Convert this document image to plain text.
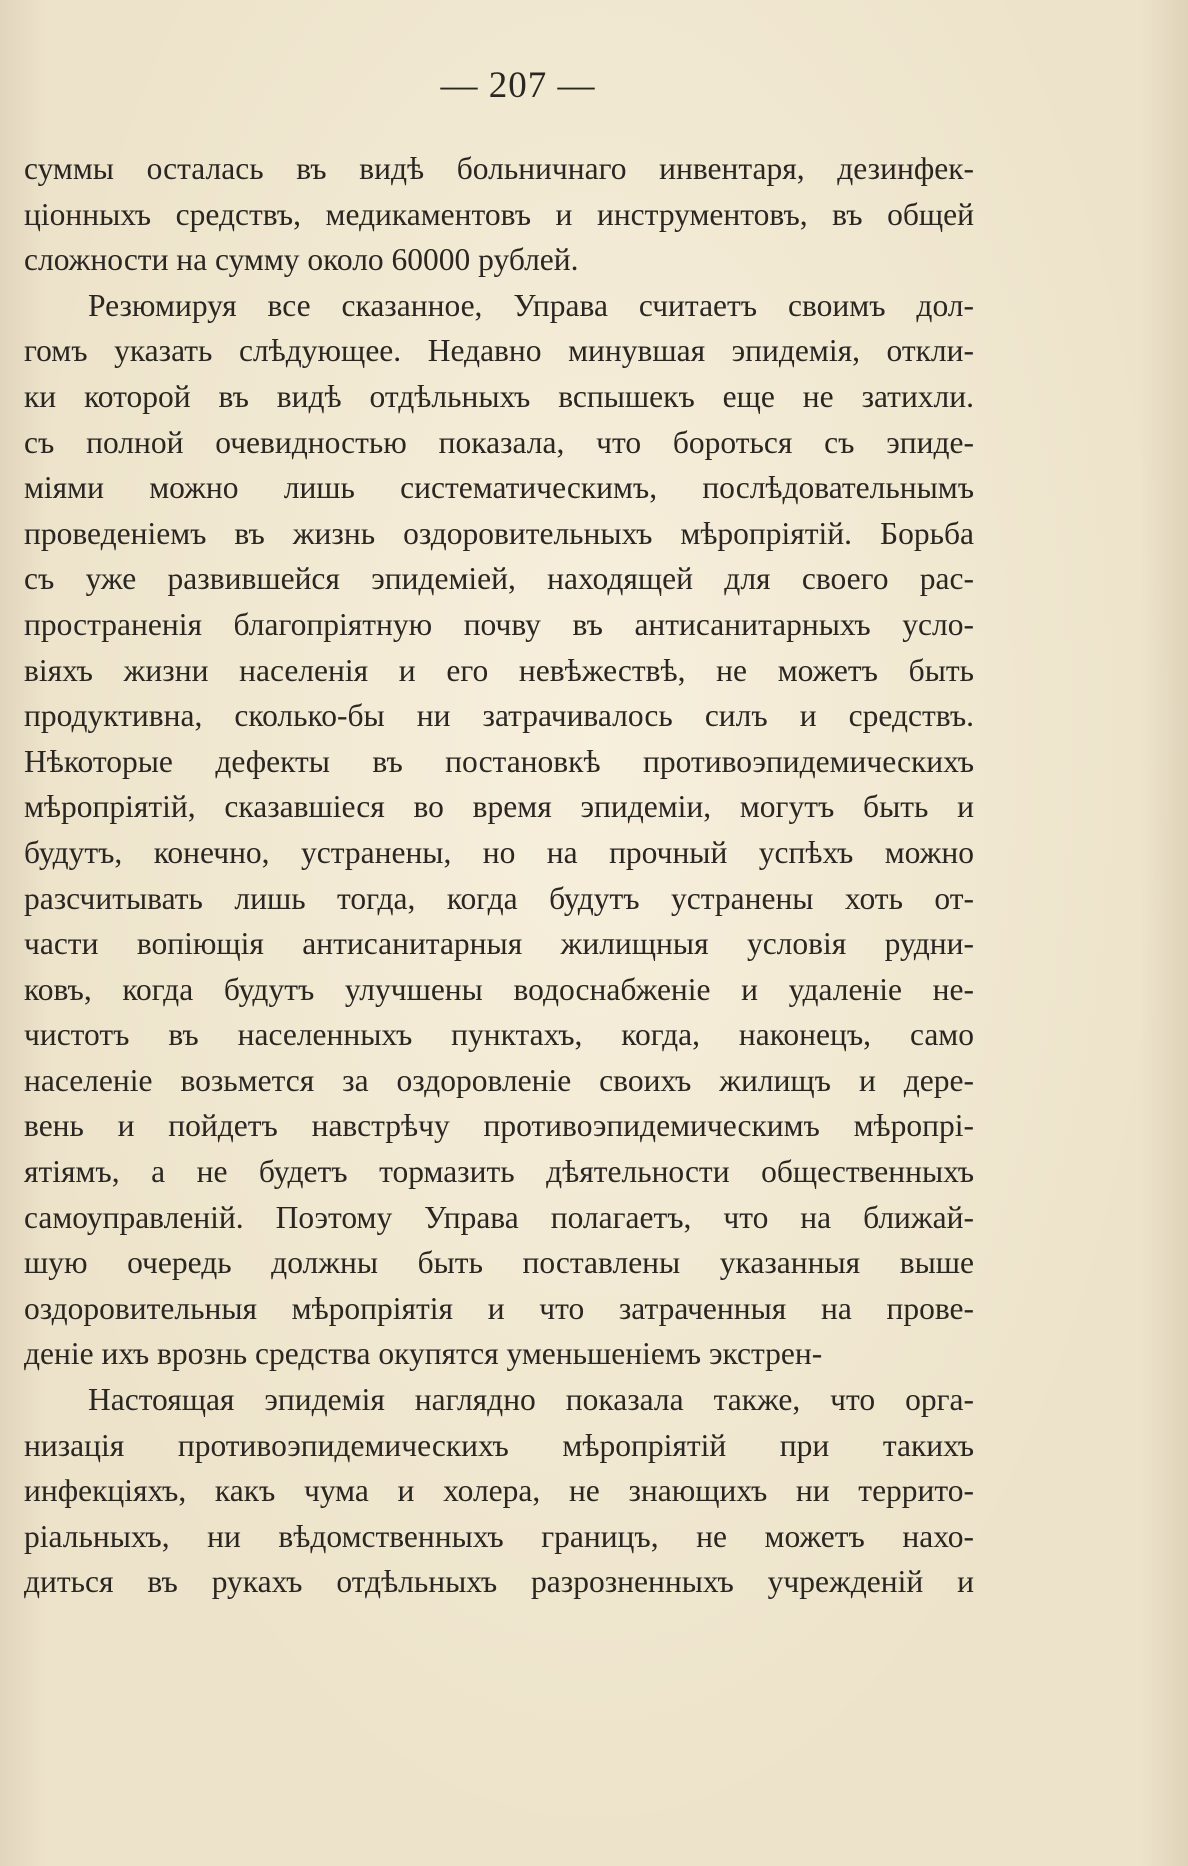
— 207 —
суммы осталась въ видѣ больничнаго инвентаря, дезинфек-
ціонныхъ средствъ, медикаментовъ и инструментовъ, въ общей
сложности на сумму около 60000 рублей.
Резюмируя все сказанное, Управа считаетъ своимъ дол-
гомъ указать слѣдующее. Недавно минувшая эпидемія, откли-
ки которой въ видѣ отдѣльныхъ вспышекъ еще не затихли.
съ полной очевидностью показала, что бороться съ эпиде-
міями можно лишь систематическимъ, послѣдовательнымъ
проведеніемъ въ жизнь оздоровительныхъ мѣропріятій. Борьба
съ уже развившейся эпидеміей, находящей для своего рас-
пространенія благопріятную почву въ антисанитарныхъ усло-
віяхъ жизни населенія и его невѣжествѣ, не можетъ быть
продуктивна, сколько-бы ни затрачивалось силъ и средствъ.
Нѣкоторые дефекты въ постановкѣ противоэпидемическихъ
мѣропріятій, сказавшіеся во время эпидеміи, могутъ быть и
будутъ, конечно, устранены, но на прочный успѣхъ можно
разсчитывать лишь тогда, когда будутъ устранены хоть от-
части вопіющія антисанитарныя жилищныя условія рудни-
ковъ, когда будутъ улучшены водоснабженіе и удаленіе не-
чистотъ въ населенныхъ пунктахъ, когда, наконецъ, само
населеніе возьмется за оздоровленіе своихъ жилищъ и дере-
вень и пойдетъ навстрѣчу противоэпидемическимъ мѣропрі-
ятіямъ, а не будетъ тормазить дѣятельности общественныхъ
самоуправленій. Поэтому Управа полагаетъ, что на ближай-
шую очередь должны быть поставлены указанныя выше
оздоровительныя мѣропріятія и что затраченныя на прове-
деніе ихъ врознь средства окупятся уменьшеніемъ экстрен-
Настоящая эпидемія наглядно показала также, что орга-
низація противоэпидемическихъ мѣропріятій при такихъ
инфекціяхъ, какъ чума и холера, не знающихъ ни террито-
ріальныхъ, ни вѣдомственныхъ границъ, не можетъ нахо-
диться въ рукахъ отдѣльныхъ разрозненныхъ учрежденій и
